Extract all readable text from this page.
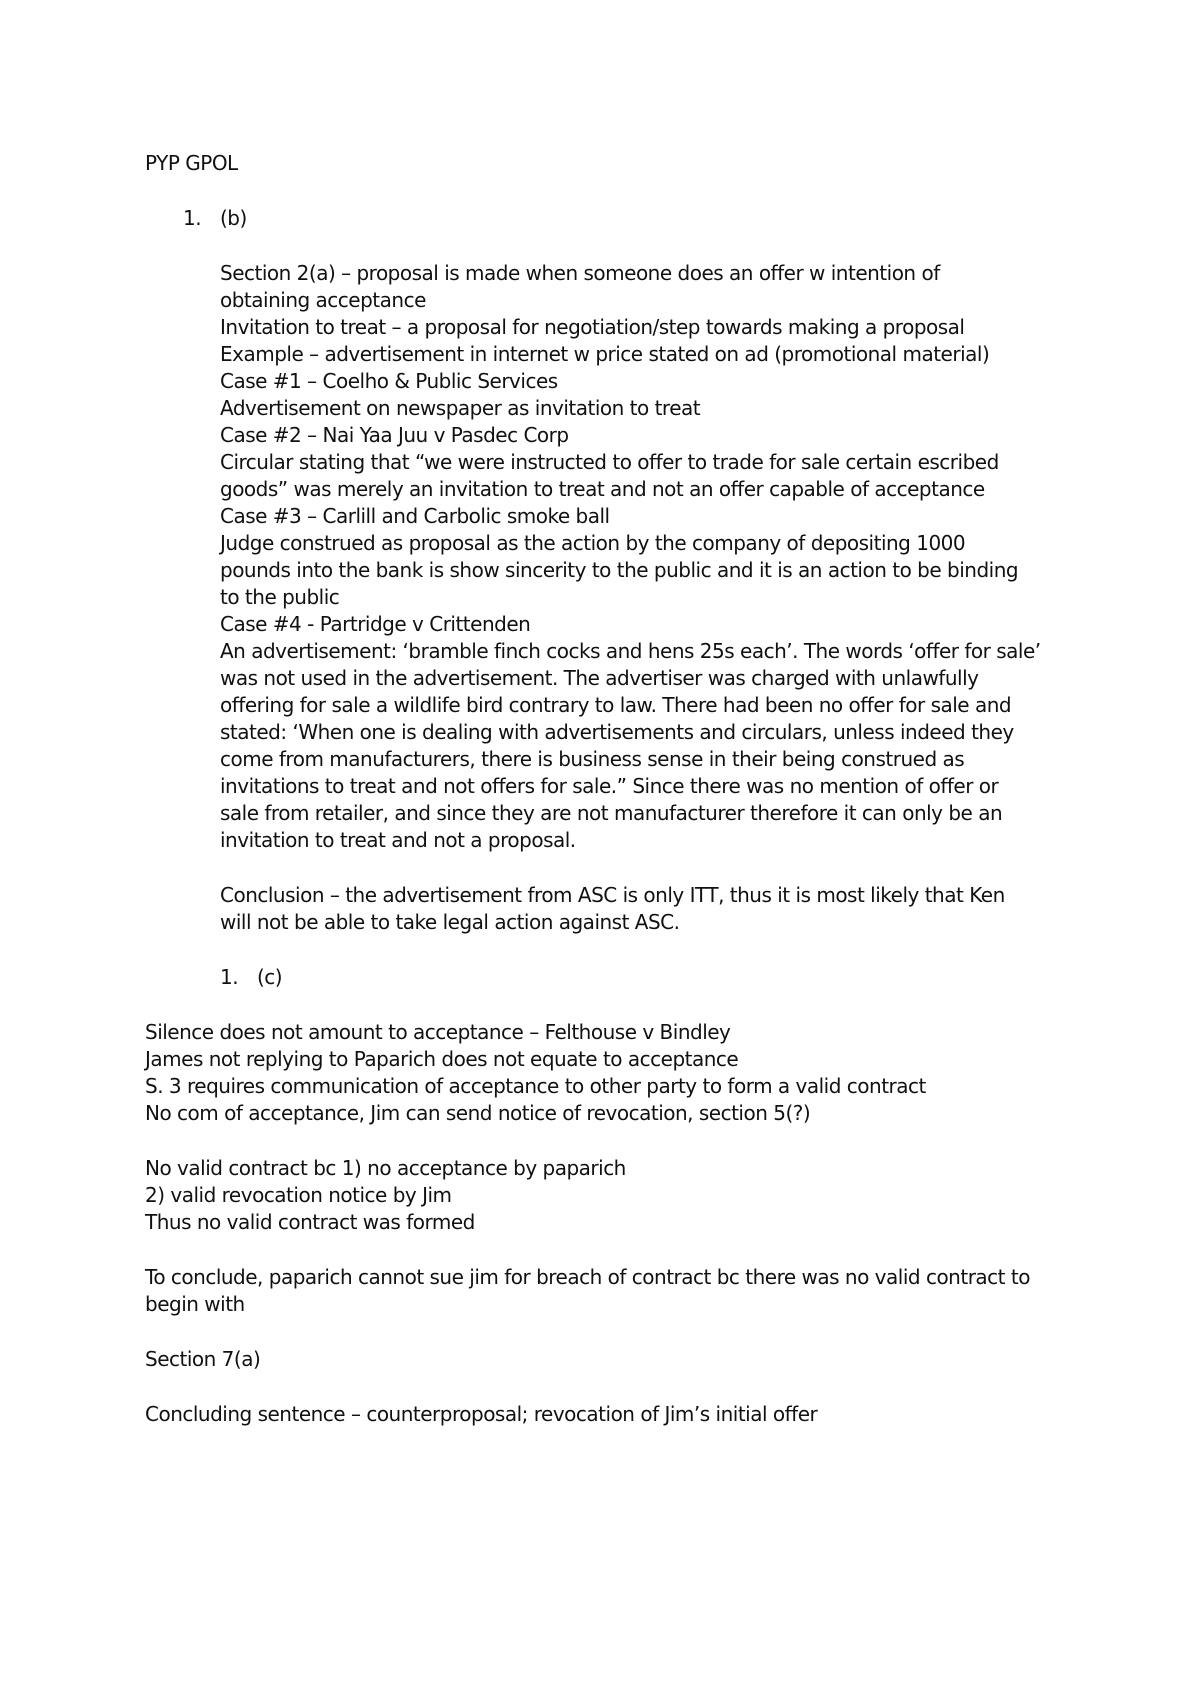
PYP GPOL
1. (b)
Section 2(a) – proposal is made when someone does an offer w intention of
obtaining acceptance
Invitation to treat – a proposal for negotiation/step towards making a proposal
Example – advertisement in internet w price stated on ad (promotional material)
Case #1 – Coelho & Public Services
Advertisement on newspaper as invitation to treat
Case #2 – Nai Yaa Juu v Pasdec Corp
Circular stating that “we were instructed to offer to trade for sale certain escribed
goods” was merely an invitation to treat and not an offer capable of acceptance
Case #3 – Carlill and Carbolic smoke ball
Judge construed as proposal as the action by the company of depositing 1000
pounds into the bank is show sincerity to the public and it is an action to be binding
to the public
Case #4 - Partridge v Crittenden
An advertisement: ‘bramble finch cocks and hens 25s each’. The words ‘offer for sale’
was not used in the advertisement. The advertiser was charged with unlawfully
offering for sale a wildlife bird contrary to law. There had been no offer for sale and
stated: ‘When one is dealing with advertisements and circulars, unless indeed they
come from manufacturers, there is business sense in their being construed as
invitations to treat and not offers for sale.” Since there was no mention of offer or
sale from retailer, and since they are not manufacturer therefore it can only be an
invitation to treat and not a proposal.
Conclusion – the advertisement from ASC is only ITT, thus it is most likely that Ken
will not be able to take legal action against ASC.
1. (c)
Silence does not amount to acceptance – Felthouse v Bindley
James not replying to Paparich does not equate to acceptance
S. 3 requires communication of acceptance to other party to form a valid contract
No com of acceptance, Jim can send notice of revocation, section 5(?)
No valid contract bc 1) no acceptance by paparich
2) valid revocation notice by Jim
Thus no valid contract was formed
To conclude, paparich cannot sue jim for breach of contract bc there was no valid contract to
begin with
Section 7(a)
Concluding sentence – counterproposal; revocation of Jim’s initial offer
